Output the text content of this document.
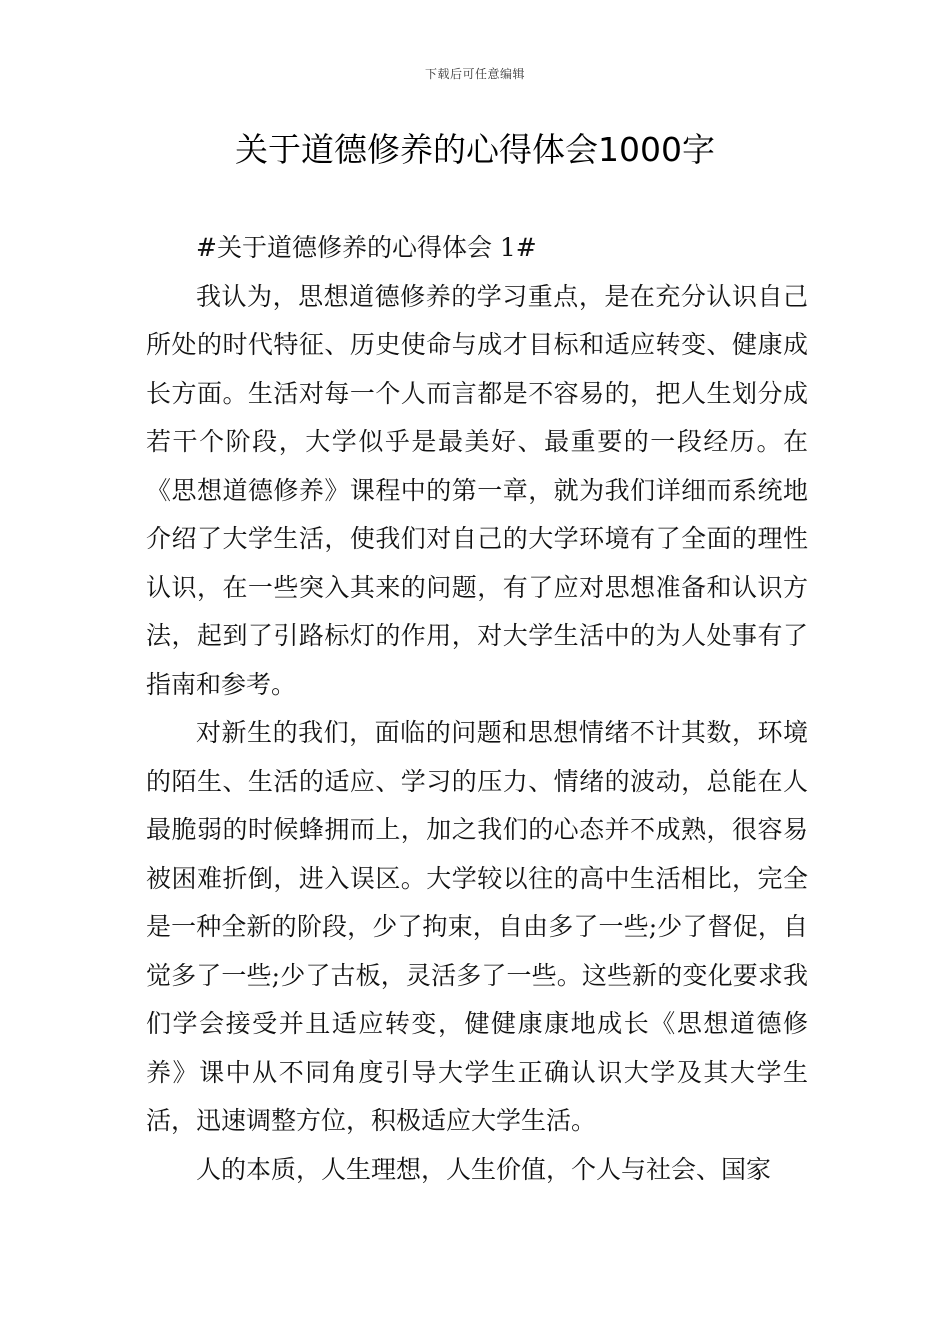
下载后可任意编辑
关于道德修养的心得体会1000字

#关于道德修养的心得体会 1#

我认为，思想道德修养的学习重点，是在充分认识自己所处的时代特征、历史使命与成才目标和适应转变、健康成长方面。生活对每一个人而言都是不容易的，把人生划分成若干个阶段，大学似乎是最美好、最重要的一段经历。在《思想道德修养》课程中的第一章，就为我们详细而系统地介绍了大学生活，使我们对自己的大学环境有了全面的理性认识，在一些突入其来的问题，有了应对思想准备和认识方法，起到了引路标灯的作用，对大学生活中的为人处事有了指南和参考。

对新生的我们，面临的问题和思想情绪不计其数，环境的陌生、生活的适应、学习的压力、情绪的波动，总能在人最脆弱的时候蜂拥而上，加之我们的心态并不成熟，很容易被困难折倒，进入误区。大学较以往的高中生活相比，完全是一种全新的阶段，少了拘束，自由多了一些;少了督促，自觉多了一些;少了古板，灵活多了一些。这些新的变化要求我们学会接受并且适应转变，健健康康地成长《思想道德修养》课中从不同角度引导大学生正确认识大学及其大学生活，迅速调整方位，积极适应大学生活。

人的本质，人生理想，人生价值，个人与社会、国家
